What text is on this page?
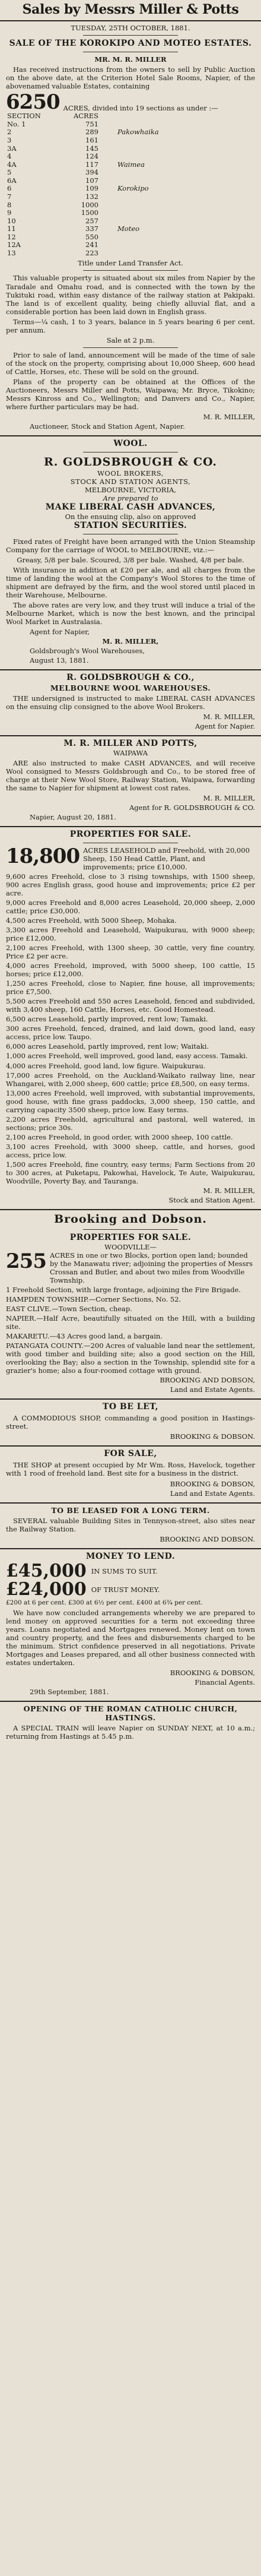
Sales by Messrs Miller & Potts
TUESDAY, 25TH OCTOBER, 1881.
SALE OF THE KOROKIPO AND MOTEO ESTATES.
MR. M. R. MILLER
Has received instructions from the owners to sell by Public Auction on the above date, at the Criterion Hotel Sale Rooms, Napier, of the abovenamed valuable Estates, containing
6250 ACRES, divided into 19 sections as under :—
SECTION	ACRES	
No. 1	751	
2	289	Pakowhaika
3	161	
3A	145	
4	124	
4A	117	Waimea
5	394	
6A	107	
6	109	Korokipo
7	132	
8	1000	
9	1500	
10	257	
11	337	Moteo
12	550	
12A	241	
13	223	
Title under Land Transfer Act.
This valuable property is situated about six miles from Napier by the Taradale and Omahu road, and is connected with the town by the Tukituki road, within easy distance of the railway station at Pakipaki. The land is of excellent quality, being chiefly alluvial flat, and a considerable portion has been laid down in English grass.
Terms—¼ cash, 1 to 3 years, balance in 5 years bearing 6 per cent. per annum.
Sale at 2 p.m.
Prior to sale of land, announcement will be made of the time of sale of the stock on the property, comprising about 10,000 Sheep, 600 head of Cattle, Horses, etc. These will be sold on the ground.
Plans of the property can be obtained at the Offices of the Auctioneers, Messrs Miller and Potts, Waipawa; Mr. Bryce, Tikokino; Messrs Kinross and Co., Wellington; and Danvers and Co., Napier, where further particulars may be had.
M. R. MILLER,
Auctioneer, Stock and Station Agent, Napier.
WOOL.
R. GOLDSBROUGH & CO.
WOOL BROKERS,
STOCK AND STATION AGENTS,
MELBOURNE, VICTORIA,
Are prepared to
MAKE LIBERAL CASH ADVANCES,
On the ensuing clip, also on approved
STATION SECURITIES.
Fixed rates of Freight have been arranged with the Union Steamship Company for the carriage of WOOL to MELBOURNE, viz.:—
Greasy, 5/8 per bale. Scoured, 3/8 per bale. Washed, 4/8 per bale.
With insurance in addition at £20 per ale, and all charges from the time of landing the wool at the Company's Wool Stores to the time of shipment are defrayed by the firm, and the wool stored until placed in their Warehouse, Melbourne.
The above rates are very low, and they trust will induce a trial of the Melbourne Market, which is now the best known, and the principal Wool Market in Australasia.
Agent for Napier,
M. R. MILLER,
Goldsbrough's Wool Warehouses,
August 13, 1881.
R. GOLDSBROUGH & CO.,
MELBOURNE WOOL WAREHOUSES.
THE undersigned is instructed to make LIBERAL CASH ADVANCES on the ensuing clip consigned to the above Wool Brokers.
M. R. MILLER,
Agent for Napier.
M. R. MILLER AND POTTS,
WAIPAWA
ARE also instructed to make CASH ADVANCES, and will receive Wool consigned to Messrs Goldsbrough and Co., to be stored free of charge at their New Wool Store, Railway Station, Waipawa, forwarding the same to Napier for shipment at lowest cost rates.
M. R. MILLER,
Agent for R. GOLDSBROUGH & CO.
Napier, August 20, 1881.
PROPERTIES FOR SALE.
18,800 ACRES LEASEHOLD and Freehold, with 20,000 Sheep, 150 Head Cattle, Plant, and improvements; price £10,000.
9,600 acres Freehold, close to 3 rising townships, with 1500 sheep, 900 acres English grass, good house and improvements; price £2 per acre.
9,000 acres Freehold and 8,000 acres Leasehold, 20,000 sheep, 2,000 cattle; price £30,000.
4,500 acres Freehold, with 5000 Sheep, Mohaka.
3,300 acres Freehold and Leasehold, Waipukurau, with 9000 sheep; price £12,000.
2,100 acres Freehold, with 1300 sheep, 30 cattle, very fine country. Price £2 per acre.
4,000 acres Freehold, improved, with 5000 sheep, 100 cattle, 15 horses; price £12,000.
1,250 acres Freehold, close to Napier, fine house, all improvements; price £7,500.
5,500 acres Freehold and 550 acres Leasehold, fenced and subdivided, with 3,400 sheep, 160 Cattle, Horses, etc. Good Homestead.
6,500 acres Leasehold, partly improved, rent low; Tamaki.
300 acres Freehold, fenced, drained, and laid down, good land, easy access, price low. Taupo.
6,000 acres Leasehold, partly improved, rent low; Waitaki.
1,000 acres Freehold, well improved, good land, easy access. Tamaki.
4,000 acres Freehold, good land, low figure. Waipukurau.
17,000 acres Freehold, on the Auckland-Waikato railway line, near Whangarei, with 2,000 sheep, 600 cattle; price £8,500, on easy terms.
13,000 acres Freehold, well improved, with substantial improvements, good house, with fine grass paddocks, 3,000 sheep, 150 cattle, and carrying capacity 3500 sheep, price low. Easy terms.
2,200 acres Freehold, agricultural and pastoral, well watered, in sections; price 30s.
2,100 acres Freehold, in good order, with 2000 sheep, 100 cattle.
3,100 acres Freehold, with 3000 sheep, cattle, and horses, good access, price low.
1,500 acres Freehold, fine country, easy terms; Farm Sections from 20 to 300 acres, at Puketapu, Pakowhai, Havelock, Te Aute, Waipukurau, Woodville, Poverty Bay, and Tauranga.
M. R. MILLER,
Stock and Station Agent.
Brooking and Dobson.
PROPERTIES FOR SALE.
WOODVILLE—
255 ACRES in one or two Blocks, portion open land; bounded by the Manawatu river; adjoining the properties of Messrs Crossan and Butler, and about two miles from Woodville Township.
1 Freehold Section, with large frontage, adjoining the Fire Brigade.
HAMPDEN TOWNSHIP.—Corner Sections, No. 52.
EAST CLIVE.—Town Section, cheap.
NAPIER.—Half Acre, beautifully situated on the Hill, with a building site.
MAKARETU.—43 Acres good land, a bargain.
PATANGATA COUNTY.—200 Acres of valuable land near the settlement, with good timber and building site; also a good section on the Hill, overlooking the Bay; also a section in the Township, splendid site for a grazier's home; also a four-roomed cottage with ground.
BROOKING AND DOBSON,
Land and Estate Agents.
TO BE LET,
A COMMODIOUS SHOP, commanding a good position in Hastings-street.
BROOKING & DOBSON.
FOR SALE,
THE SHOP at present occupied by Mr Wm. Ross, Havelock, together with 1 rood of freehold land. Best site for a business in the district.
BROOKING & DOBSON,
Land and Estate Agents.
TO BE LEASED FOR A LONG TERM.
SEVERAL valuable Building Sites in Tennyson-street, also sites near the Railway Station.
BROOKING AND DOBSON.
MONEY TO LEND.
£45,000 IN SUMS TO SUIT.
£24,000 OF TRUST MONEY.
£200 at 6 per cent. £300 at 6½ per cent. £400 at 6¾ per cent.
We have now concluded arrangements whereby we are prepared to lend money on approved securities for a term not exceeding three years. Loans negotiated and Mortgages renewed. Money lent on town and country property, and the fees and disbursements charged to be the minimum. Strict confidence preserved in all negotiations. Private Mortgages and Leases prepared, and all other business connected with estates undertaken.
BROOKING & DOBSON,
Financial Agents.
29th September, 1881.
OPENING OF THE ROMAN CATHOLIC CHURCH, HASTINGS.
A SPECIAL TRAIN will leave Napier on SUNDAY NEXT, at 10 a.m.; returning from Hastings at 5.45 p.m.
